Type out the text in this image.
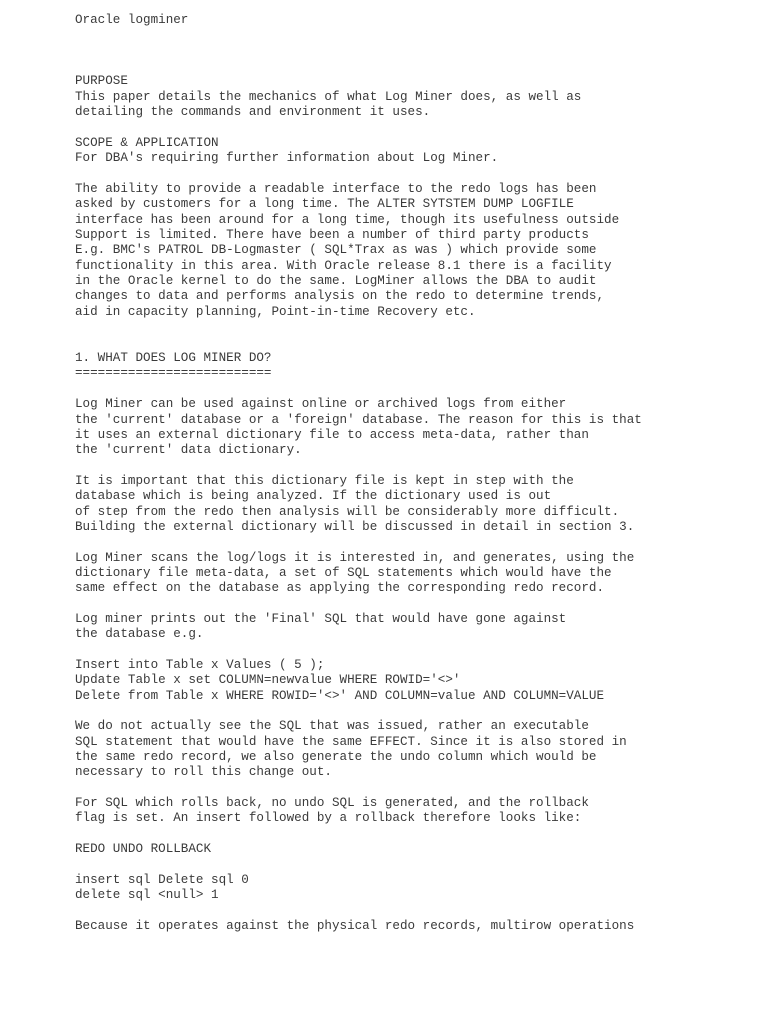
Oracle logminer

PURPOSE

This paper details the mechanics of what Log Miner does, as well as

detailing the commands and environment it uses.

SCOPE & APPLICATION

For DBA's requiring further information about Log Miner.

The ability to provide a readable interface to the redo logs has been

asked by customers for a long time. The ALTER SYTSTEM DUMP LOGFILE

interface has been around for a long time, though its usefulness outside

Support is limited. There have been a number of third party products

E.g. BMC's PATROL DB-Logmaster ( SQL*Trax as was ) which provide some

functionality in this area. With Oracle release 8.1 there is a facility

in the Oracle kernel to do the same. LogMiner allows the DBA to audit

changes to data and performs analysis on the redo to determine trends,

aid in capacity planning, Point-in-time Recovery etc.

1. WHAT DOES LOG MINER DO?

==========================

Log Miner can be used against online or archived logs from either

the 'current' database or a 'foreign' database. The reason for this is that

it uses an external dictionary file to access meta-data, rather than

the 'current' data dictionary.

It is important that this dictionary file is kept in step with the

database which is being analyzed. If the dictionary used is out

of step from the redo then analysis will be considerably more difficult.

Building the external dictionary will be discussed in detail in section 3.

Log Miner scans the log/logs it is interested in, and generates, using the

dictionary file meta-data, a set of SQL statements which would have the

same effect on the database as applying the corresponding redo record.

Log miner prints out the 'Final' SQL that would have gone against

the database e.g.

Insert into Table x Values ( 5 );

Update Table x set COLUMN=newvalue WHERE ROWID='<>'

Delete from Table x WHERE ROWID='<>' AND COLUMN=value AND COLUMN=VALUE

We do not actually see the SQL that was issued, rather an executable

SQL statement that would have the same EFFECT. Since it is also stored in

the same redo record, we also generate the undo column which would be

necessary to roll this change out.

For SQL which rolls back, no undo SQL is generated, and the rollback

flag is set. An insert followed by a rollback therefore looks like:

REDO UNDO ROLLBACK

insert sql Delete sql 0

delete sql <null> 1

Because it operates against the physical redo records, multirow operations
